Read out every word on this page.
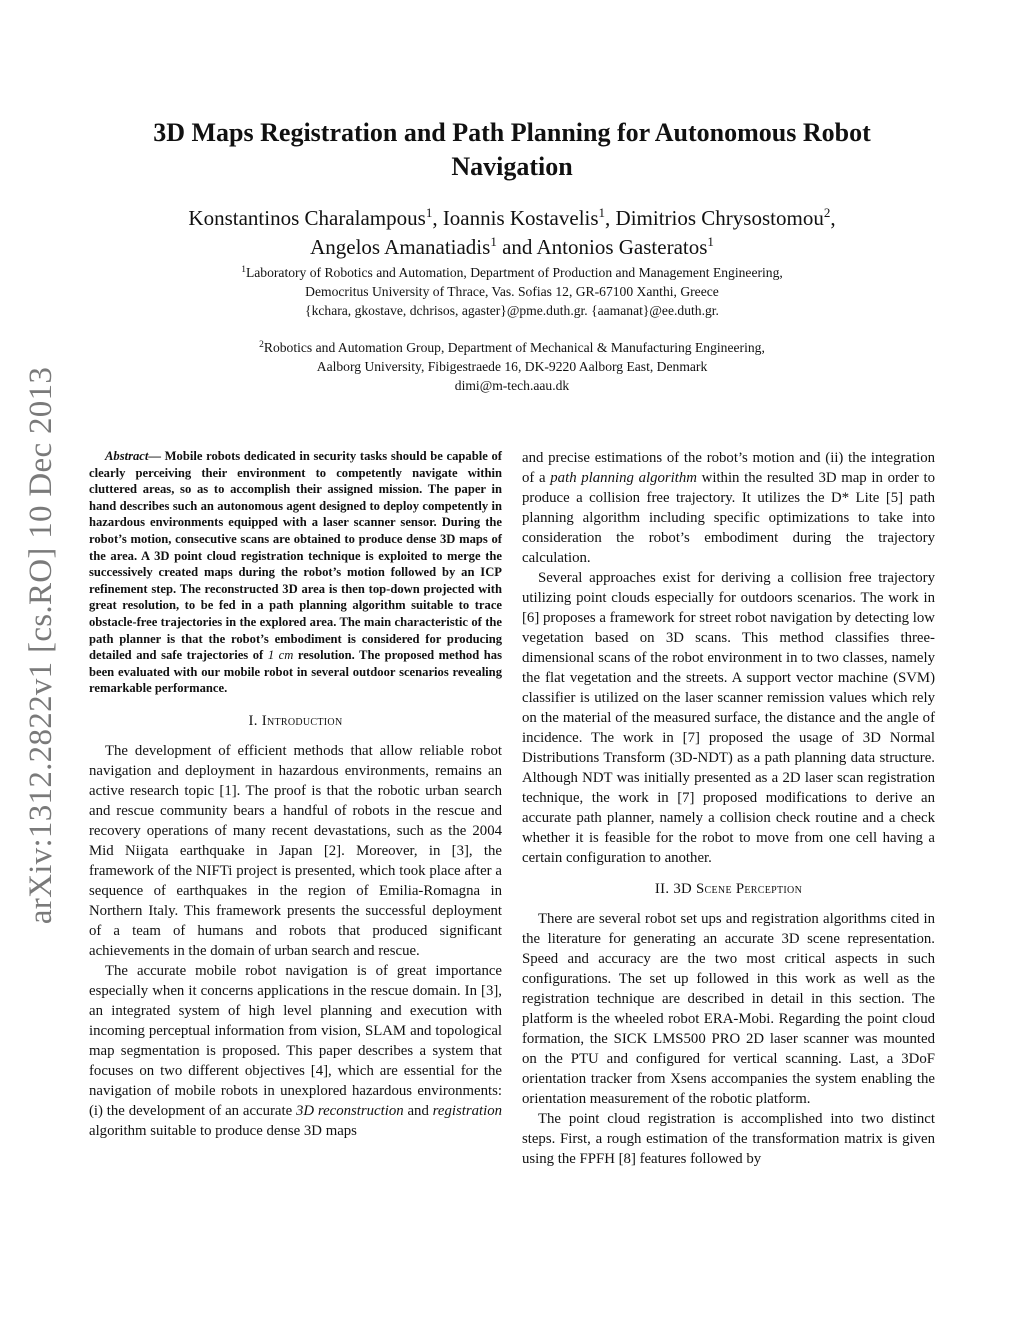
arXiv:1312.2822v1 [cs.RO] 10 Dec 2013
3D Maps Registration and Path Planning for Autonomous Robot Navigation
Konstantinos Charalampous$^1$, Ioannis Kostavelis$^1$, Dimitrios Chrysostomou$^2$,
Angelos Amanatiadis$^1$ and Antonios Gasteratos$^1$
$^1$Laboratory of Robotics and Automation, Department of Production and Management Engineering,
Democritus University of Thrace, Vas. Sofias 12, GR-67100 Xanthi, Greece
{kchara, gkostave, dchrisos, agaster}@pme.duth.gr. {aamanat}@ee.duth.gr.
$^2$Robotics and Automation Group, Department of Mechanical & Manufacturing Engineering,
Aalborg University, Fibigestraede 16, DK-9220 Aalborg East, Denmark
dimi@m-tech.aau.dk

Abstract— Mobile robots dedicated in security tasks should be capable of clearly perceiving their environment to competently navigate within cluttered areas, so as to accomplish their assigned mission. The paper in hand describes such an autonomous agent designed to deploy competently in hazardous environments equipped with a laser scanner sensor. During the robot’s motion, consecutive scans are obtained to produce dense 3D maps of the area. A 3D point cloud registration technique is exploited to merge the successively created maps during the robot’s motion followed by an ICP refinement step. The reconstructed 3D area is then top-down projected with great resolution, to be fed in a path planning algorithm suitable to trace obstacle-free trajectories in the explored area. The main characteristic of the path planner is that the robot’s embodiment is considered for producing detailed and safe trajectories of 1 cm resolution. The proposed method has been evaluated with our mobile robot in several outdoor scenarios revealing remarkable performance.

I. Introduction

The development of efficient methods that allow reliable robot navigation and deployment in hazardous environments, remains an active research topic [1]. The proof is that the robotic urban search and rescue community bears a handful of robots in the rescue and recovery operations of many recent devastations, such as the 2004 Mid Niigata earthquake in Japan [2]. Moreover, in [3], the framework of the NIFTi project is presented, which took place after a sequence of earthquakes in the region of Emilia-Romagna in Northern Italy. This framework presents the successful deployment of a team of humans and robots that produced significant achievements in the domain of urban search and rescue.

The accurate mobile robot navigation is of great importance especially when it concerns applications in the rescue domain. In [3], an integrated system of high level planning and execution with incoming perceptual information from vision, SLAM and topological map segmentation is proposed. This paper describes a system that focuses on two different objectives [4], which are essential for the navigation of mobile robots in unexplored hazardous environments: (i) the development of an accurate 3D reconstruction and registration algorithm suitable to produce dense 3D maps

and precise estimations of the robot’s motion and (ii) the integration of a path planning algorithm within the resulted 3D map in order to produce a collision free trajectory. It utilizes the D* Lite [5] path planning algorithm including specific optimizations to take into consideration the robot’s embodiment during the trajectory calculation.

Several approaches exist for deriving a collision free trajectory utilizing point clouds especially for outdoors scenarios. The work in [6] proposes a framework for street robot navigation by detecting low vegetation based on 3D scans. This method classifies three-dimensional scans of the robot environment in to two classes, namely the flat vegetation and the streets. A support vector machine (SVM) classifier is utilized on the laser scanner remission values which rely on the material of the measured surface, the distance and the angle of incidence. The work in [7] proposed the usage of 3D Normal Distributions Transform (3D-NDT) as a path planning data structure. Although NDT was initially presented as a 2D laser scan registration technique, the work in [7] proposed modifications to derive an accurate path planner, namely a collision check routine and a check whether it is feasible for the robot to move from one cell having a certain configuration to another.

II. 3D Scene Perception

There are several robot set ups and registration algorithms cited in the literature for generating an accurate 3D scene representation. Speed and accuracy are the two most critical aspects in such configurations. The set up followed in this work as well as the registration technique are described in detail in this section. The platform is the wheeled robot ERA-Mobi. Regarding the point cloud formation, the SICK LMS500 PRO 2D laser scanner was mounted on the PTU and configured for vertical scanning. Last, a 3DoF orientation tracker from Xsens accompanies the system enabling the orientation measurement of the robotic platform.

The point cloud registration is accomplished into two distinct steps. First, a rough estimation of the transformation matrix is given using the FPFH [8] features followed by
